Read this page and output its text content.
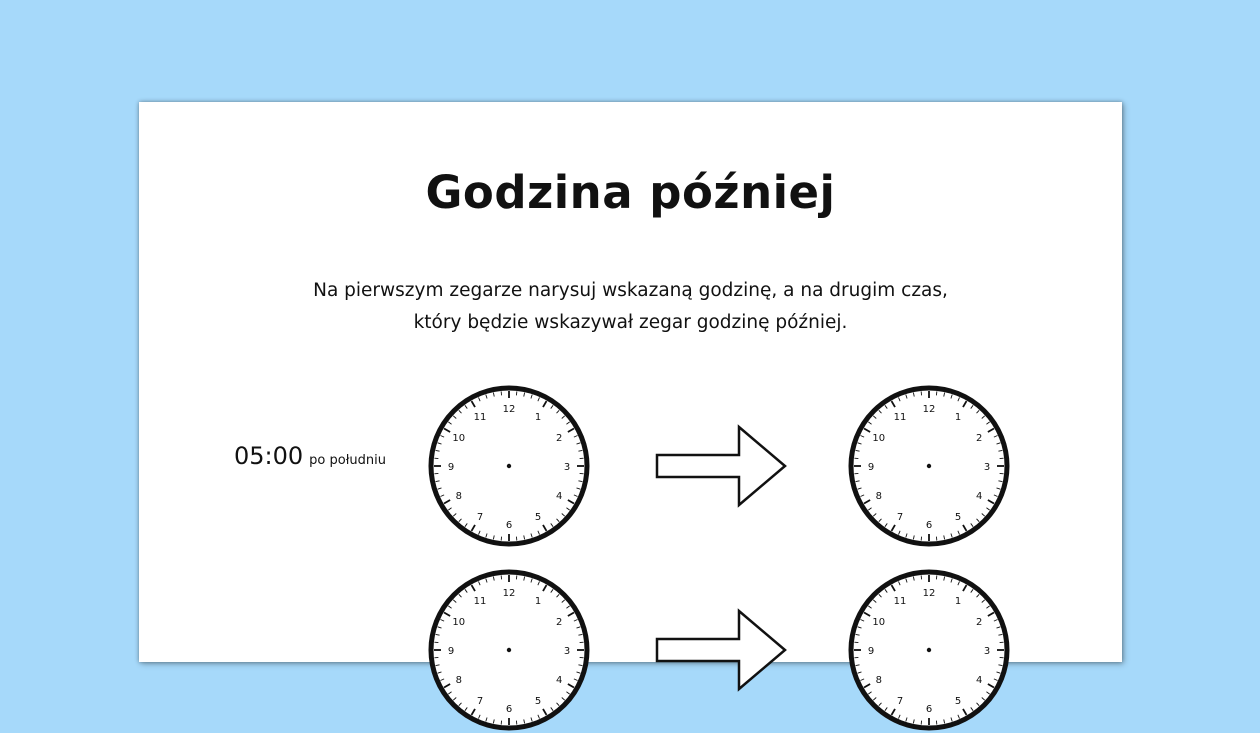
Godzina później
Na pierwszym zegarze narysuj wskazaną godzinę, a na drugim czas,
który będzie wskazywał zegar godzinę później.
05:00 po południu
12
1
2
3
4
5
6
7
8
9
10
11
12
1
2
3
4
5
6
7
8
9
10
11
12
1
2
3
4
5
6
7
8
9
10
11
12
1
2
3
4
5
6
7
8
9
10
11
